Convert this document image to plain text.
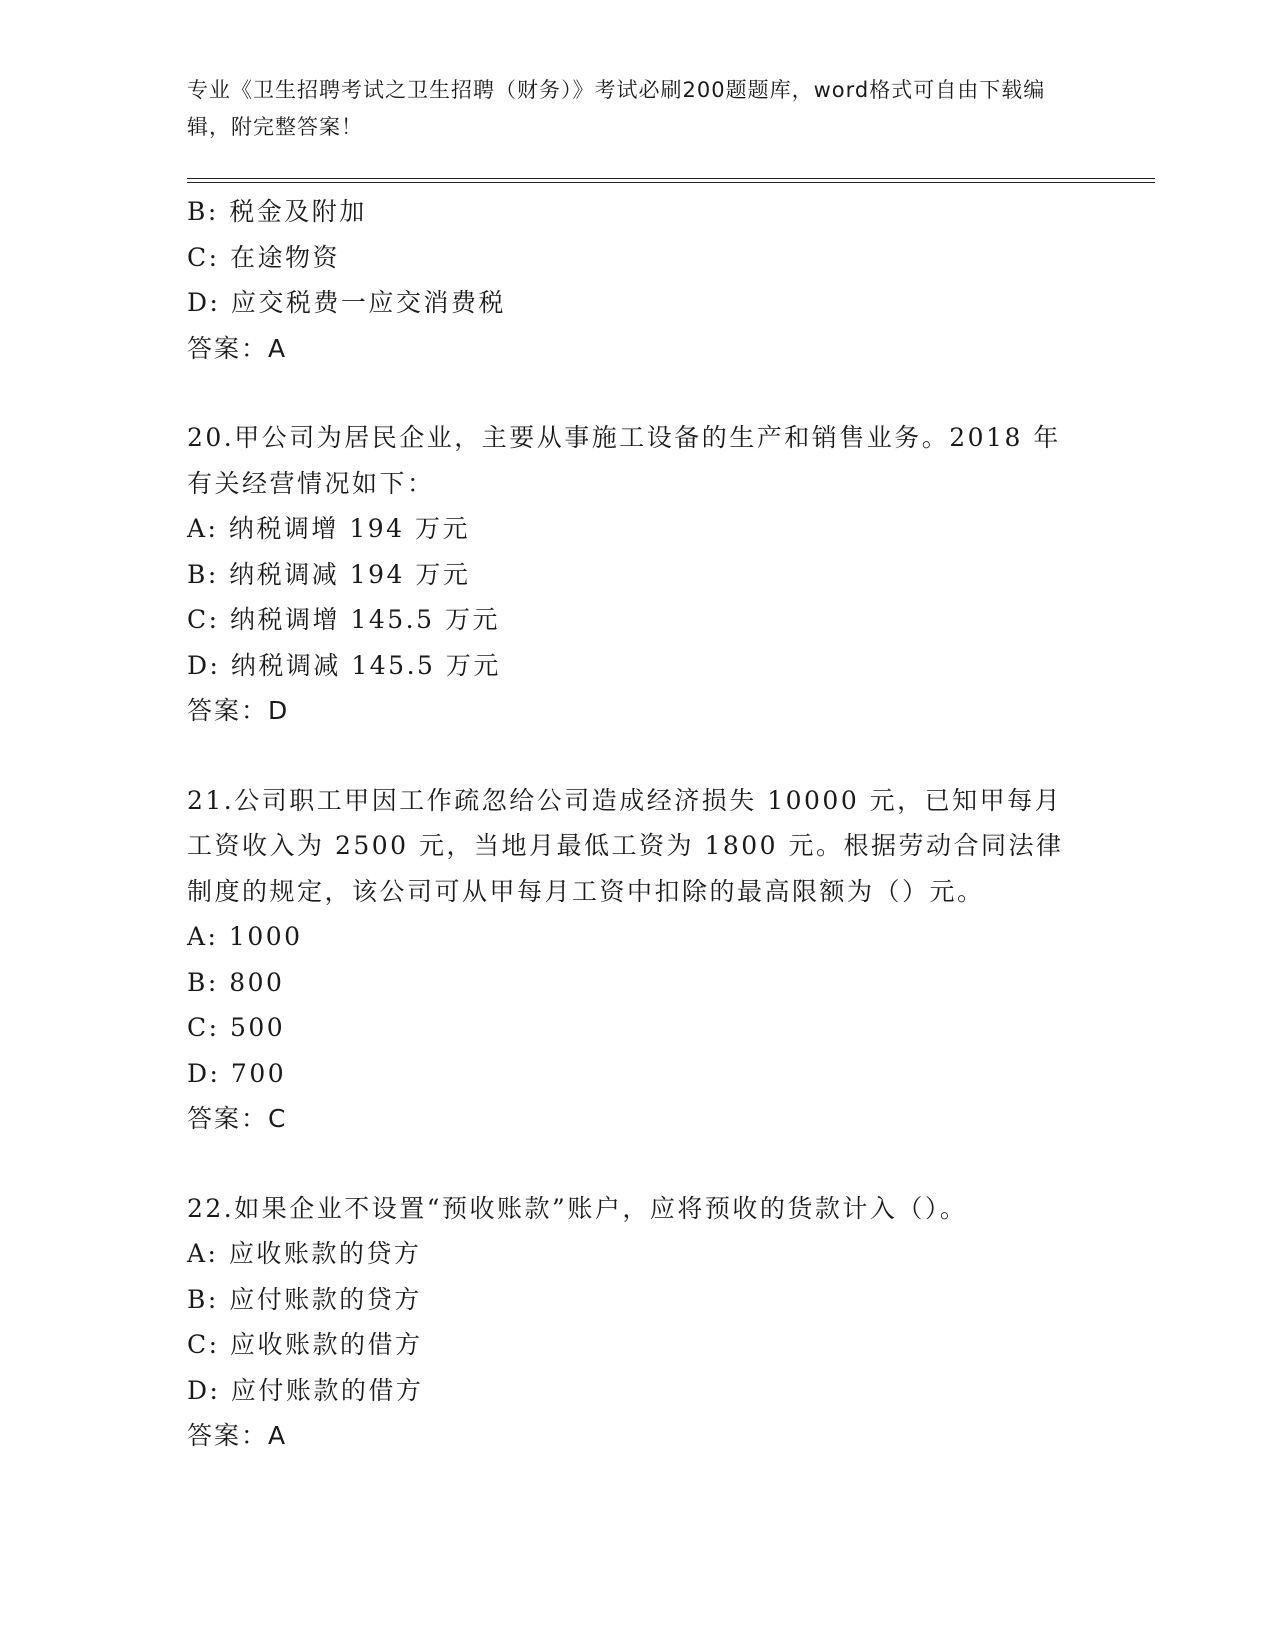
专业《卫生招聘考试之卫生招聘（财务）》考试必刷200题题库，word格式可自由下载编辑，附完整答案！
B: 税金及附加
C: 在途物资
D: 应交税费一应交消费税
答案：A
20.甲公司为居民企业，主要从事施工设备的生产和销售业务。2018 年有关经营情况如下：
A: 纳税调增 194 万元
B: 纳税调减 194 万元
C: 纳税调增 145.5 万元
D: 纳税调减 145.5 万元
答案：D
21.公司职工甲因工作疏忽给公司造成经济损失 10000 元，已知甲每月工资收入为 2500 元，当地月最低工资为 1800 元。根据劳动合同法律制度的规定，该公司可从甲每月工资中扣除的最高限额为（）元。
A: 1000
B: 800
C: 500
D: 700
答案：C
22.如果企业不设置“预收账款”账户，应将预收的货款计入（）。
A: 应收账款的贷方
B: 应付账款的贷方
C: 应收账款的借方
D: 应付账款的借方
答案：A
